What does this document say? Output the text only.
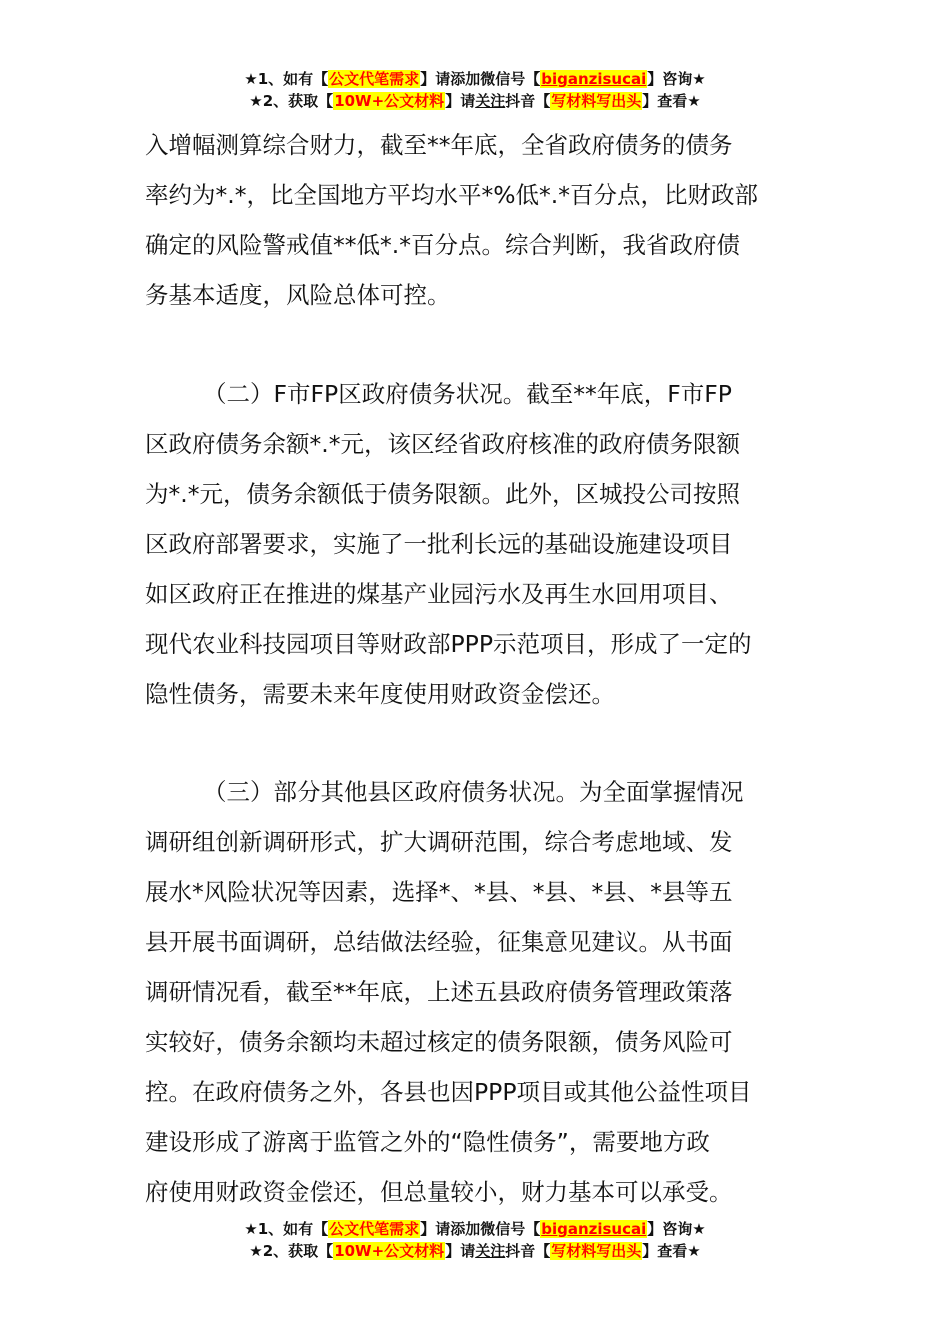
★1、如有【公文代笔需求】请添加微信号【biganzisucai】咨询★
★2、获取【10W+公文材料】请关注抖音【写材料写出头】查看★
入增幅测算综合财力，截至**年底，全省政府债务的债务
率约为*.*，比全国地方平均水平*%低*.*百分点，比财政部
确定的风险警戒值**低*.*百分点。综合判断，我省政府债
务基本适度，风险总体可控。
（二）F市FP区政府债务状况。截至**年底，F市FP
区政府债务余额*.*元，该区经省政府核准的政府债务限额
为*.*元，债务余额低于债务限额。此外，区城投公司按照
区政府部署要求，实施了一批利长远的基础设施建设项目
如区政府正在推进的煤基产业园污水及再生水回用项目、
现代农业科技园项目等财政部PPP示范项目，形成了一定的
隐性债务，需要未来年度使用财政资金偿还。
（三）部分其他县区政府债务状况。为全面掌握情况
调研组创新调研形式，扩大调研范围，综合考虑地域、发
展水*风险状况等因素，选择*、*县、*县、*县、*县等五
县开展书面调研，总结做法经验，征集意见建议。从书面
调研情况看，截至**年底，上述五县政府债务管理政策落
实较好，债务余额均未超过核定的债务限额，债务风险可
控。在政府债务之外，各县也因PPP项目或其他公益性项目
建设形成了游离于监管之外的“隐性债务”，需要地方政
府使用财政资金偿还，但总量较小，财力基本可以承受。
★1、如有【公文代笔需求】请添加微信号【biganzisucai】咨询★
★2、获取【10W+公文材料】请关注抖音【写材料写出头】查看★
